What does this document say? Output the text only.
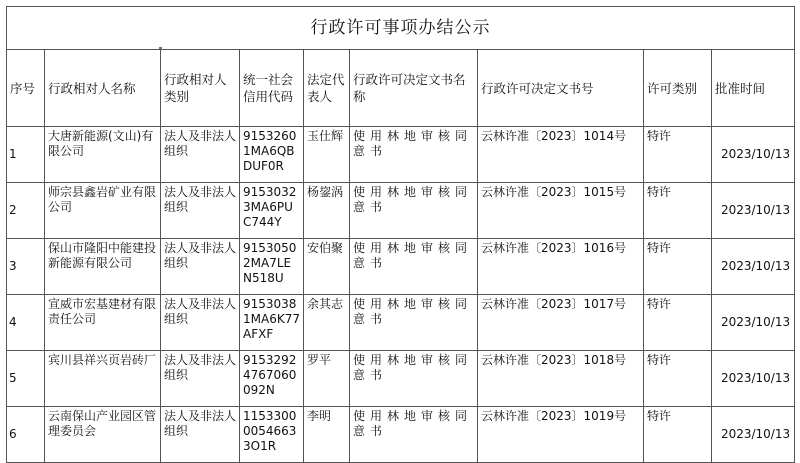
行政许可事项办结公示								
序号	行政相对人名称	行政相对人类别	统一社会信用代码	法定代表人	行政许可决定文书名称	行政许可决定文书号	许可类别	批准时间
1	大唐新能源(文山)有限公司	法人及非法人组织	91532601MA6QBDUF0R	玉仕辉	使用林地审核同意书	云林许准〔2023〕1014号	特许	2023/10/13
2	师宗县鑫岩矿业有限公司	法人及非法人组织	91530323MA6PUC744Y	杨鋆涡	使用林地审核同意书	云林许准〔2023〕1015号	特许	2023/10/13
3	保山市隆阳中能建投新能源有限公司	法人及非法人组织	91530502MA7LEN518U	安伯聚	使用林地审核同意书	云林许准〔2023〕1016号	特许	2023/10/13
4	宣威市宏基建材有限责任公司	法人及非法人组织	91530381MA6K77AFXF	余其志	使用林地审核同意书	云林许准〔2023〕1017号	特许	2023/10/13
5	宾川县祥兴页岩砖厂	法人及非法人组织	91532924767060092N	罗平	使用林地审核同意书	云林许准〔2023〕1018号	特许	2023/10/13
6	云南保山产业园区管理委员会	法人及非法人组织	115330000546633O1R	李明	使用林地审核同意书	云林许准〔2023〕1019号	特许	2023/10/13
